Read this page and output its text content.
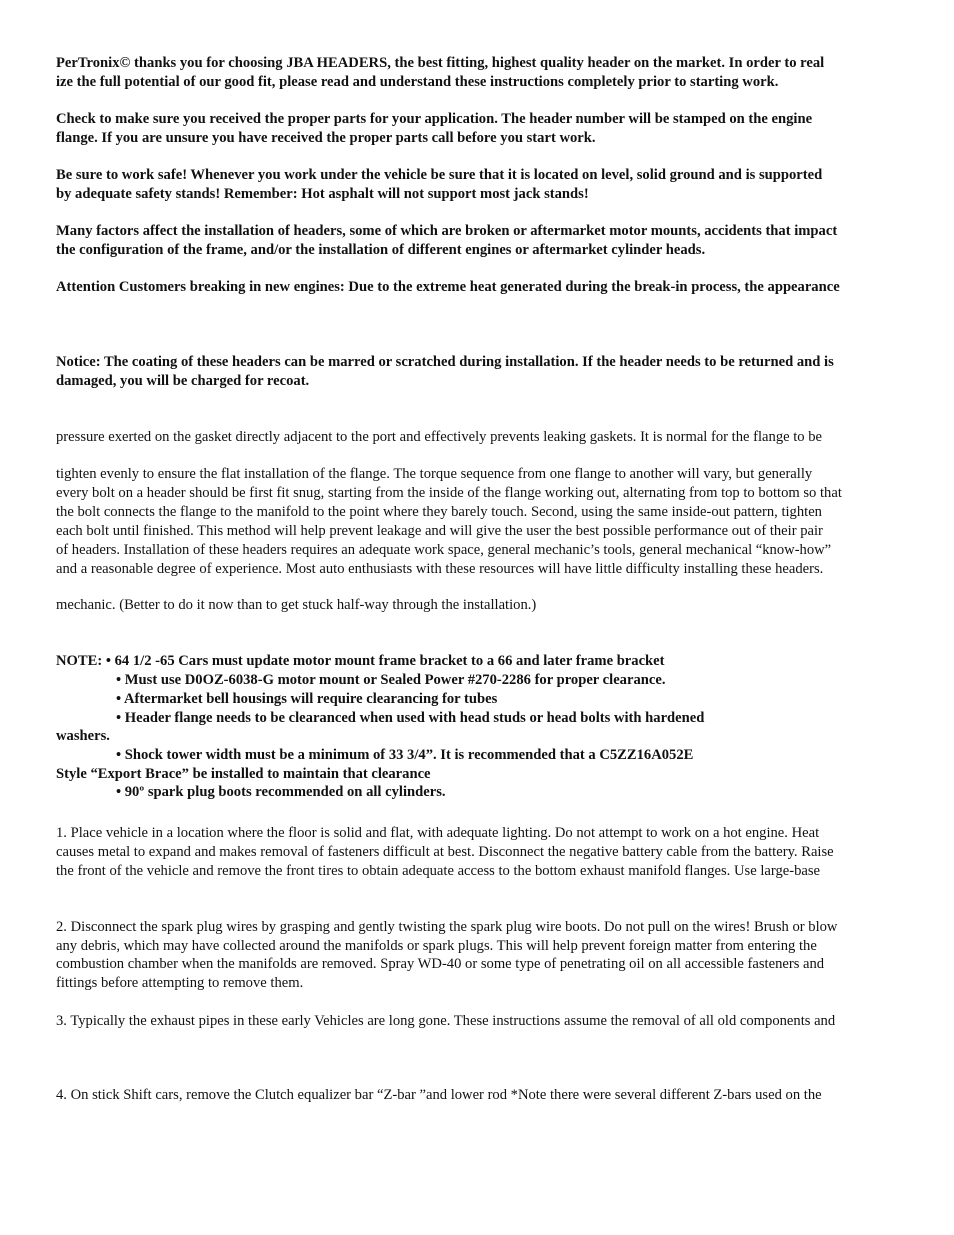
PerTronix© thanks you for choosing JBA HEADERS, the best fitting, highest quality header on the market. In order to real

ize the full potential of our good fit, please read and understand these instructions completely prior to starting work.

Check to make sure you received the proper parts for your application. The header number will be stamped on the engine

flange. If you are unsure you have received the proper parts call before you start work.

Be sure to work safe! Whenever you work under the vehicle be sure that it is located on level, solid ground and is supported

by adequate safety stands! Remember: Hot asphalt will not support most jack stands!

Many factors affect the installation of headers, some of which are broken or aftermarket motor mounts, accidents that impact

the configuration of the frame, and/or the installation of different engines or aftermarket cylinder heads.

Attention Customers breaking in new engines: Due to the extreme heat generated during the break-in process, the appearance

Notice: The coating of these headers can be marred or scratched during installation. If the header needs to be returned and is

damaged, you will be charged for recoat.

pressure exerted on the gasket directly adjacent to the port and effectively prevents leaking gaskets. It is normal for the flange to be

tighten evenly to ensure the flat installation of the flange. The torque sequence from one flange to another will vary, but generally

every bolt on a header should be first fit snug, starting from the inside of the flange working out, alternating from top to bottom so that

the bolt connects the flange to the manifold to the point where they barely touch. Second, using the same inside-out pattern, tighten

each bolt until finished. This method will help prevent leakage and will give the user the best possible performance out of their pair

of headers. Installation of these headers requires an adequate work space, general mechanic’s tools, general mechanical “know-how”

and a reasonable degree of experience. Most auto enthusiasts with these resources will have little difficulty installing these headers.

mechanic. (Better to do it now than to get stuck half-way through the installation.)

NOTE: • 64 1/2 -65 Cars must update motor mount frame bracket to a 66 and later frame bracket

• Must use D0OZ-6038-G motor mount or Sealed Power #270-2286 for proper clearance.

• Aftermarket bell housings will require clearancing for tubes

• Header flange needs to be clearanced when used with head studs or head bolts with hardened

washers.

• Shock tower width must be a minimum of 33 3/4”. It is recommended that a C5ZZ16A052E

Style “Export Brace” be installed to maintain that clearance

• 90º spark plug boots recommended on all cylinders.

1. Place vehicle in a location where the floor is solid and flat, with adequate lighting. Do not attempt to work on a hot engine. Heat

causes metal to expand and makes removal of fasteners difficult at best. Disconnect the negative battery cable from the battery. Raise

the front of the vehicle and remove the front tires to obtain adequate access to the bottom exhaust manifold flanges. Use large-base

2. Disconnect the spark plug wires by grasping and gently twisting the spark plug wire boots. Do not pull on the wires! Brush or blow

any debris, which may have collected around the manifolds or spark plugs. This will help prevent foreign matter from entering the

combustion chamber when the manifolds are removed. Spray WD-40 or some type of penetrating oil on all accessible fasteners and

fittings before attempting to remove them.

3. Typically the exhaust pipes in these early Vehicles are long gone. These instructions assume the removal of all old components and

4. On stick Shift cars, remove the Clutch equalizer bar “Z-bar ”and lower rod *Note there were several different Z-bars used on the
